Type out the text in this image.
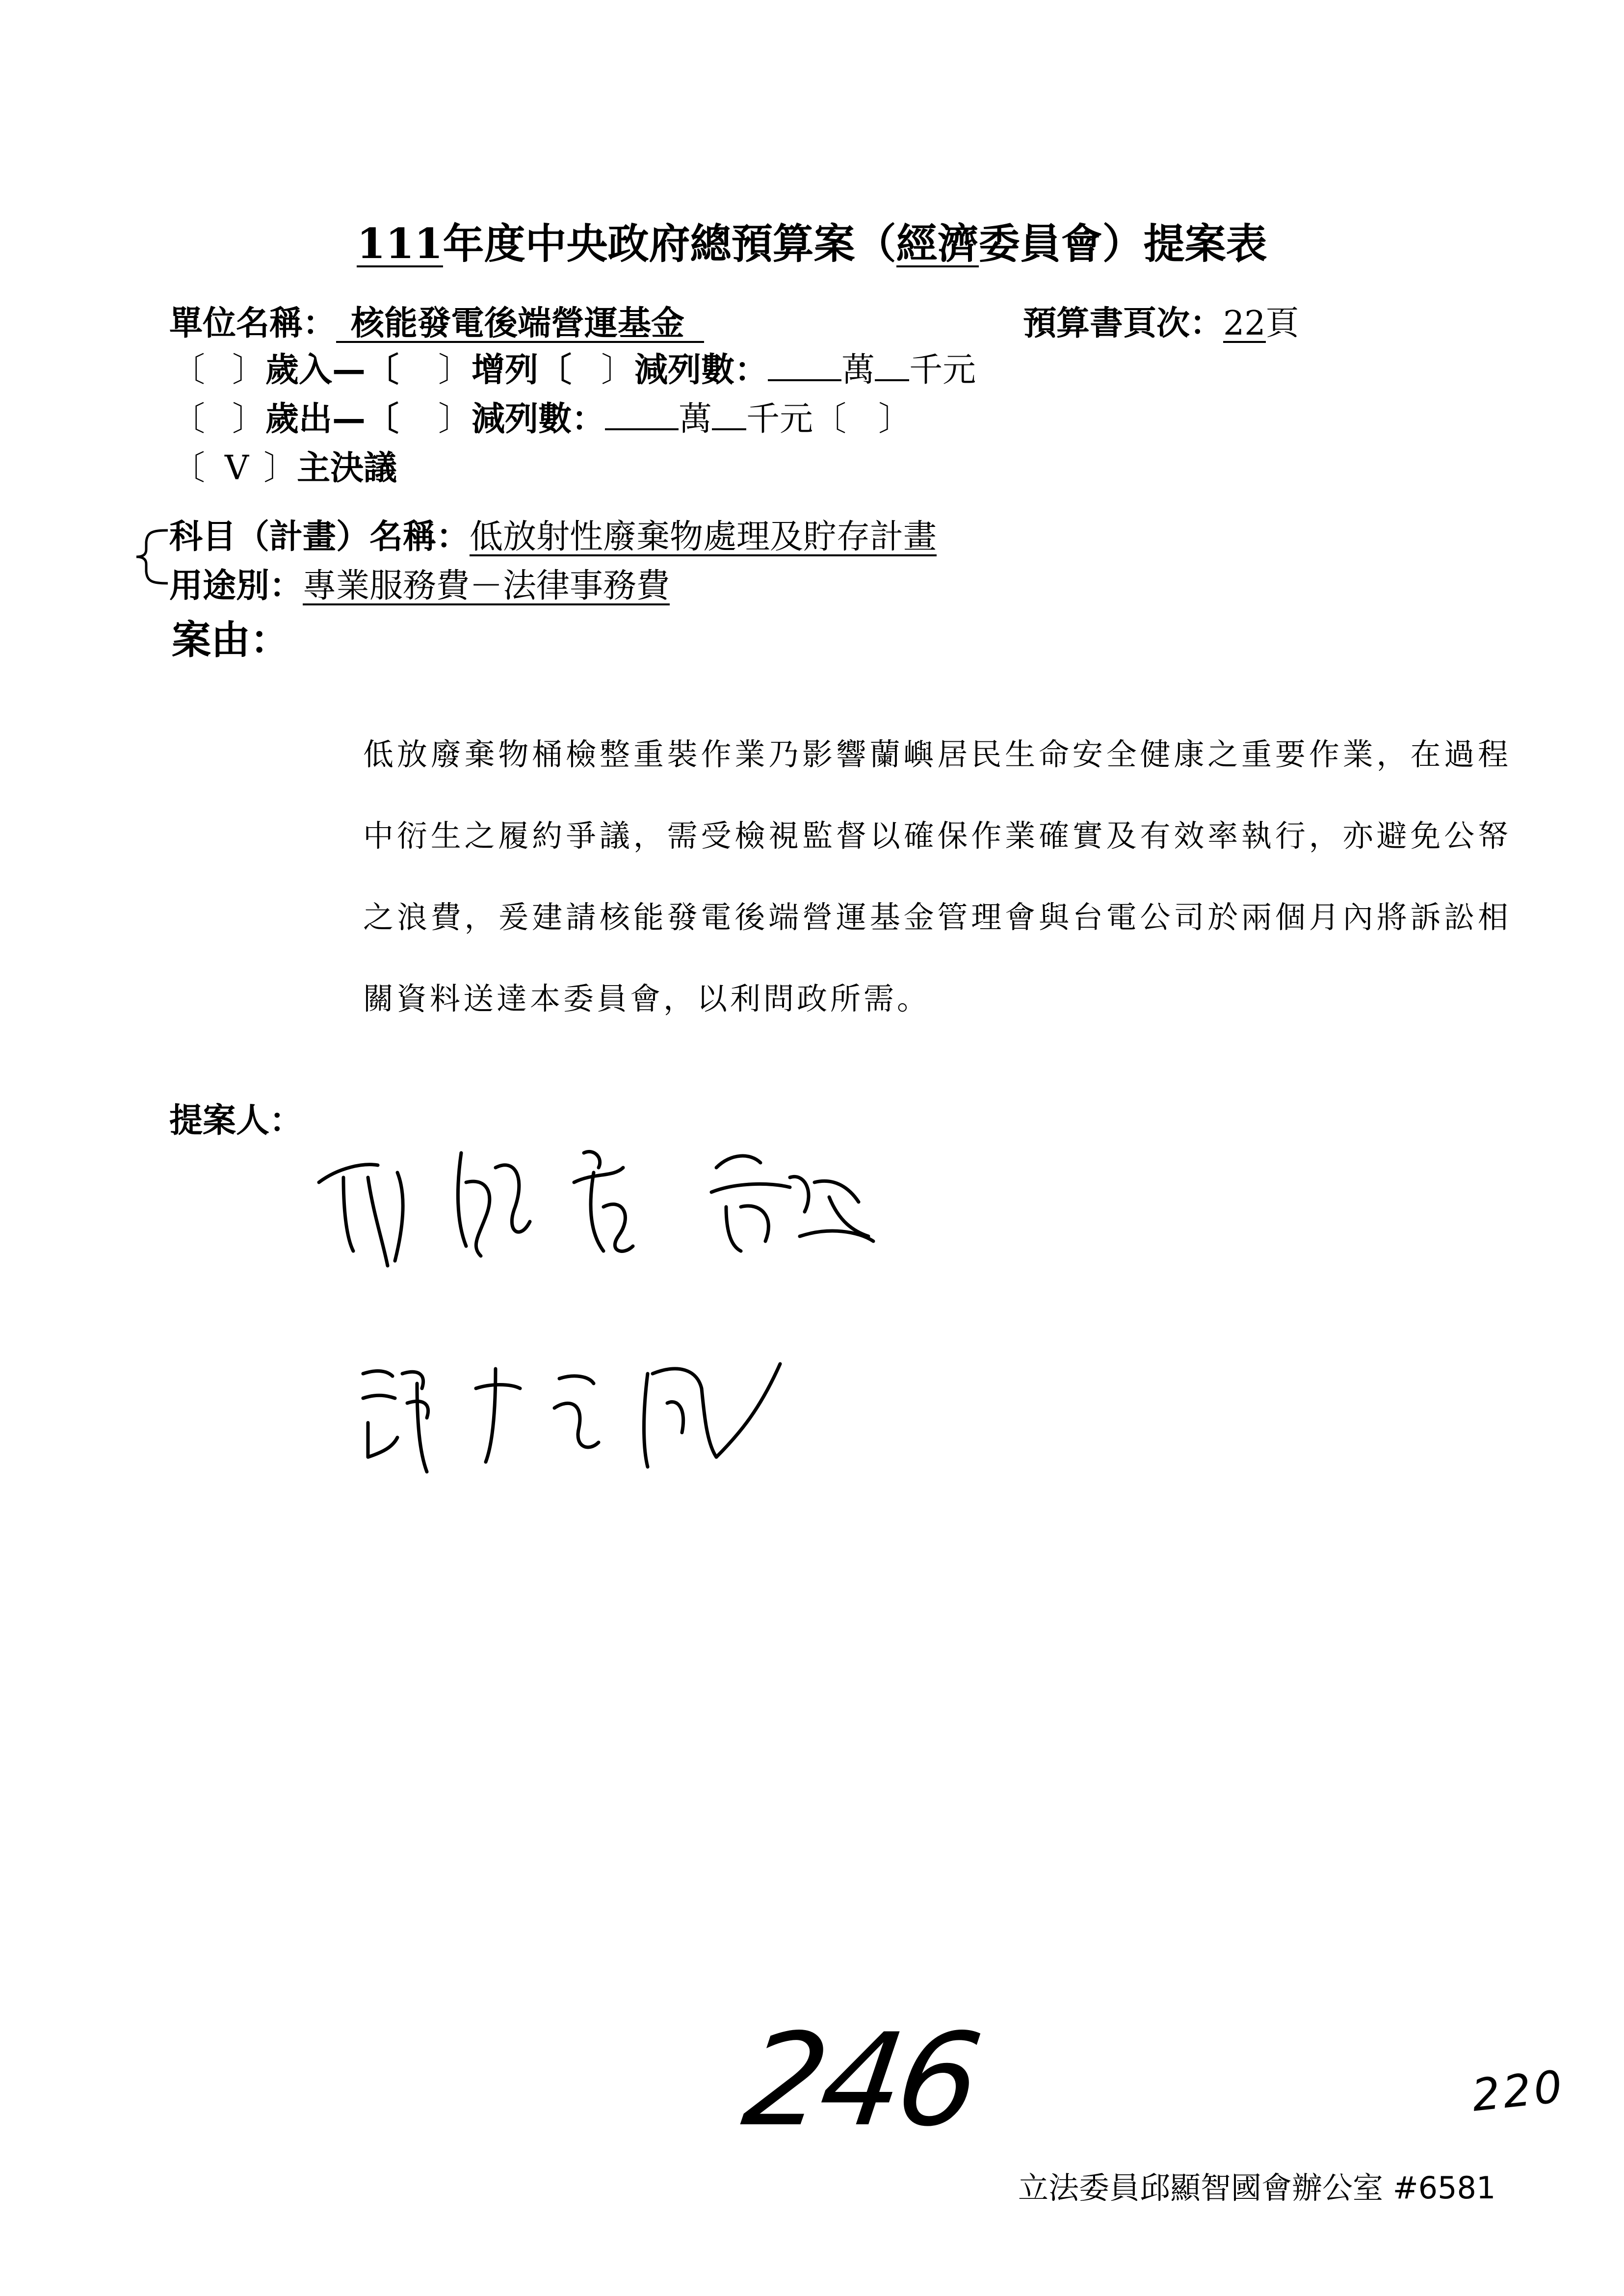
111年度中央政府總預算案（經濟委員會）提案表
單位名稱： 核能發電後端營運基金	預算書頁次：22頁
〔 〕歲入—〔 〕增列〔 〕減列數： 萬 千元
〔 〕歲出—〔 〕減列數： 萬 千元〔 〕
〔 V 〕主決議
科目（計畫）名稱：低放射性廢棄物處理及貯存計畫
用途別：專業服務費－法律事務費
案由：
低放廢棄物桶檢整重裝作業乃影響蘭嶼居民生命安全健康之重要作業，在過程中衍生之履約爭議，需受檢視監督以確保作業確實及有效率執行，亦避免公帑之浪費，爰建請核能發電後端營運基金管理會與台電公司於兩個月內將訴訟相關資料送達本委員會，以利問政所需。
提案人：
246	220
立法委員邱顯智國會辦公室 #6581
